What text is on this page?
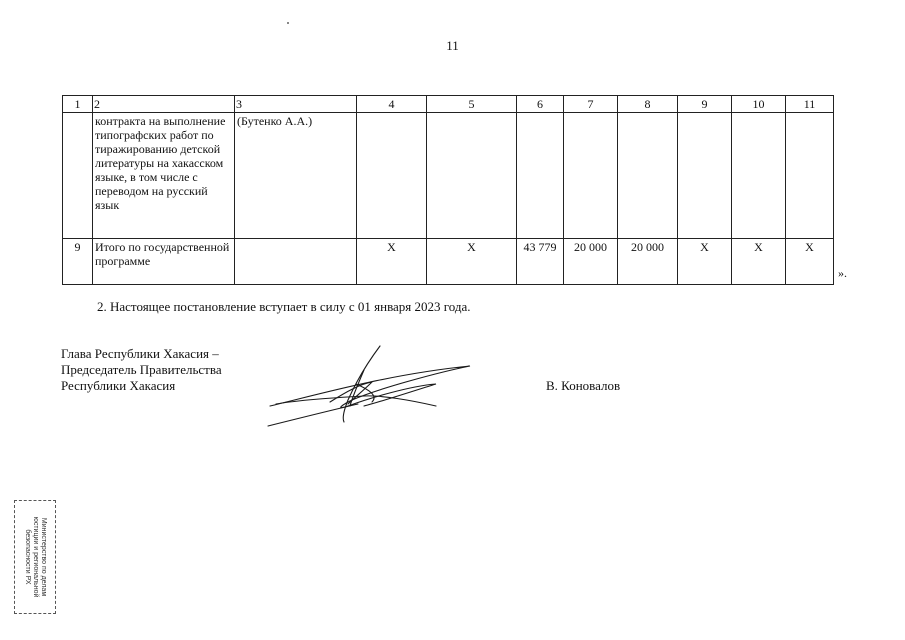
11
1	2	3	4	5	6	7	8	9	10	11
	контракта на выполнение типографских работ по тиражированию детской литературы на хакасском языке, в том числе с переводом на русский язык	(Бутенко А.А.)								
9	Итого по государственной программе		X	X	43 779	20 000	20 000	X	X	X
».
2. Настоящее постановление вступает в силу с 01 января 2023 года.
Глава Республики Хакасия –
Председатель Правительства
Республики Хакасия	В. Коновалов
Министерство по делам
юстиции и региональной
безопасности РХ
